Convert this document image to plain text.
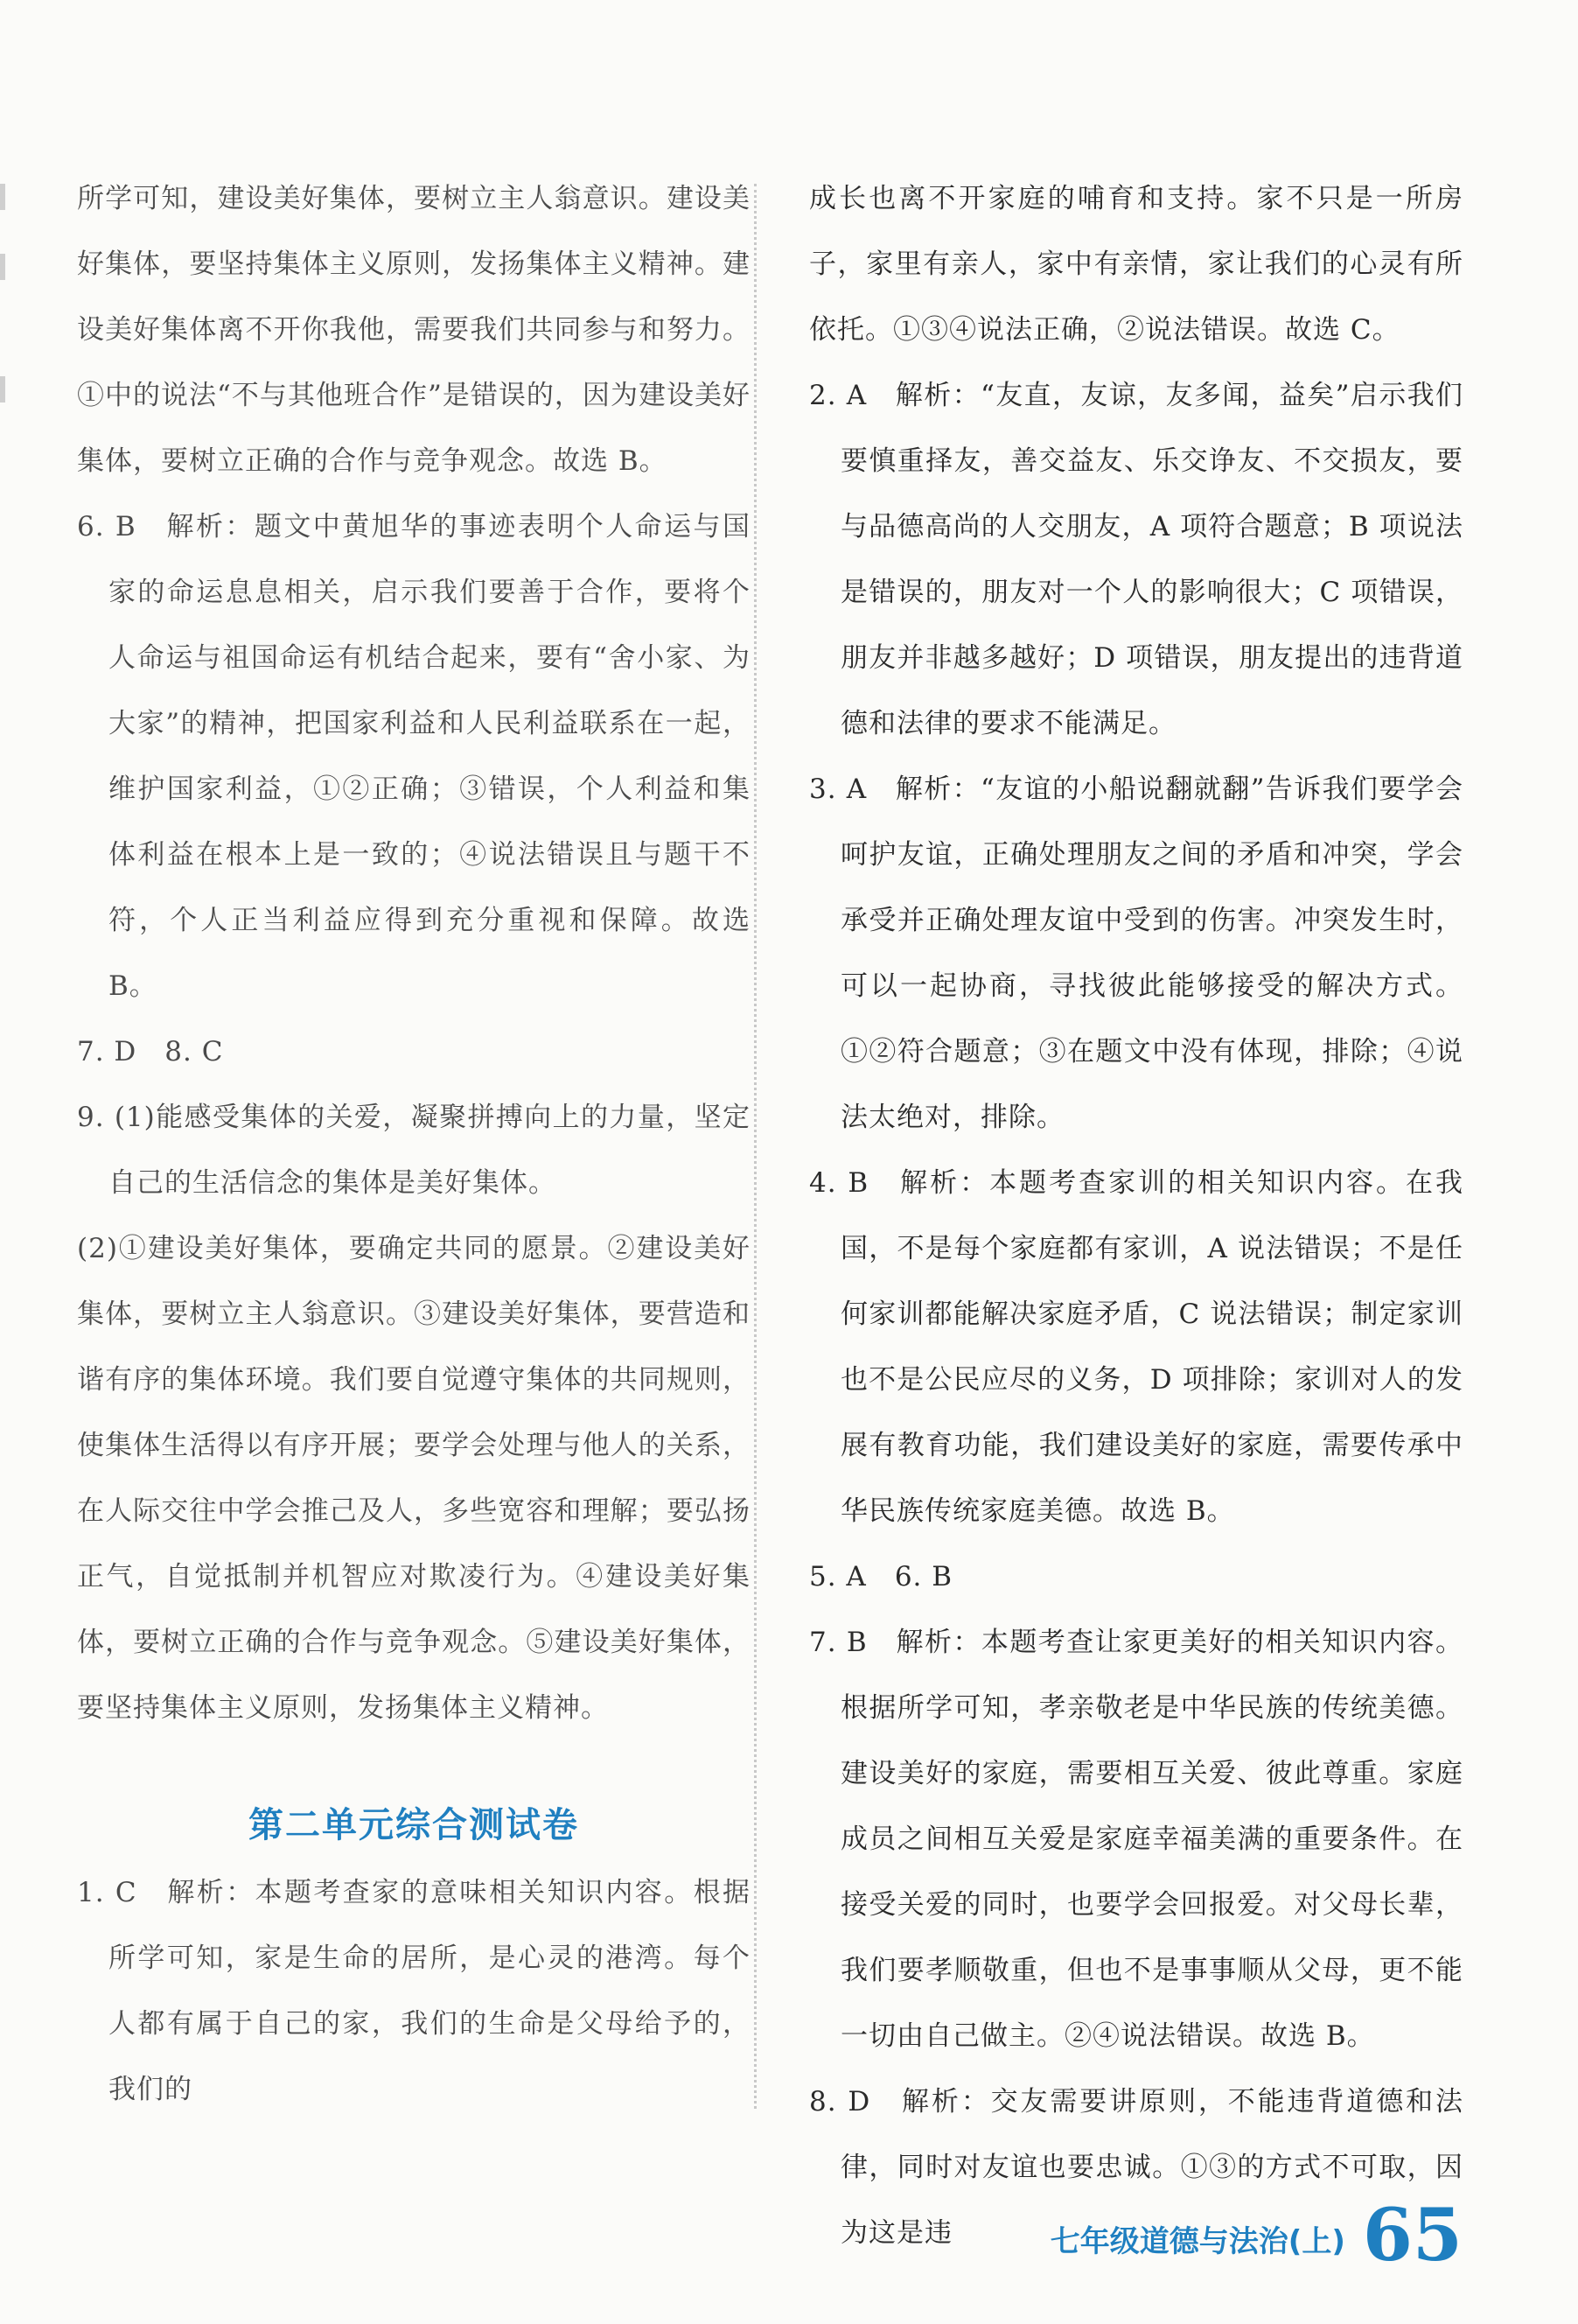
所学可知，建设美好集体，要树立主人翁意识。建设美好集体，要坚持集体主义原则，发扬集体主义精神。建设美好集体离不开你我他，需要我们共同参与和努力。①中的说法“不与其他班合作”是错误的，因为建设美好集体，要树立正确的合作与竞争观念。故选 B。

6. B　解析：题文中黄旭华的事迹表明个人命运与国家的命运息息相关，启示我们要善于合作，要将个人命运与祖国命运有机结合起来，要有“舍小家、为大家”的精神，把国家利益和人民利益联系在一起，维护国家利益，①②正确；③错误，个人利益和集体利益在根本上是一致的；④说法错误且与题干不符，个人正当利益应得到充分重视和保障。故选 B。

7. D　8. C

9. (1)能感受集体的关爱，凝聚拼搏向上的力量，坚定自己的生活信念的集体是美好集体。

(2)①建设美好集体，要确定共同的愿景。②建设美好集体，要树立主人翁意识。③建设美好集体，要营造和谐有序的集体环境。我们要自觉遵守集体的共同规则，使集体生活得以有序开展；要学会处理与他人的关系，在人际交往中学会推己及人，多些宽容和理解；要弘扬正气，自觉抵制并机智应对欺凌行为。④建设美好集体，要树立正确的合作与竞争观念。⑤建设美好集体，要坚持集体主义原则，发扬集体主义精神。

第二单元综合测试卷

1. C　解析：本题考查家的意味相关知识内容。根据所学可知，家是生命的居所，是心灵的港湾。每个人都有属于自己的家，我们的生命是父母给予的，我们的

成长也离不开家庭的哺育和支持。家不只是一所房子，家里有亲人，家中有亲情，家让我们的心灵有所依托。①③④说法正确，②说法错误。故选 C。

2. A　解析：“友直，友谅，友多闻，益矣”启示我们要慎重择友，善交益友、乐交诤友、不交损友，要与品德高尚的人交朋友，A 项符合题意；B 项说法是错误的，朋友对一个人的影响很大；C 项错误，朋友并非越多越好；D 项错误，朋友提出的违背道德和法律的要求不能满足。

3. A　解析：“友谊的小船说翻就翻”告诉我们要学会呵护友谊，正确处理朋友之间的矛盾和冲突，学会承受并正确处理友谊中受到的伤害。冲突发生时，可以一起协商，寻找彼此能够接受的解决方式。①②符合题意；③在题文中没有体现，排除；④说法太绝对，排除。

4. B　解析：本题考查家训的相关知识内容。在我国，不是每个家庭都有家训，A 说法错误；不是任何家训都能解决家庭矛盾，C 说法错误；制定家训也不是公民应尽的义务，D 项排除；家训对人的发展有教育功能，我们建设美好的家庭，需要传承中华民族传统家庭美德。故选 B。

5. A　6. B

7. B　解析：本题考查让家更美好的相关知识内容。根据所学可知，孝亲敬老是中华民族的传统美德。建设美好的家庭，需要相互关爱、彼此尊重。家庭成员之间相互关爱是家庭幸福美满的重要条件。在接受关爱的同时，也要学会回报爱。对父母长辈，我们要孝顺敬重，但也不是事事顺从父母，更不能一切由自己做主。②④说法错误。故选 B。

8. D　解析：交友需要讲原则，不能违背道德和法律，同时对友谊也要忠诚。①③的方式不可取，因为这是违	七年级道德与法治(上) 65
